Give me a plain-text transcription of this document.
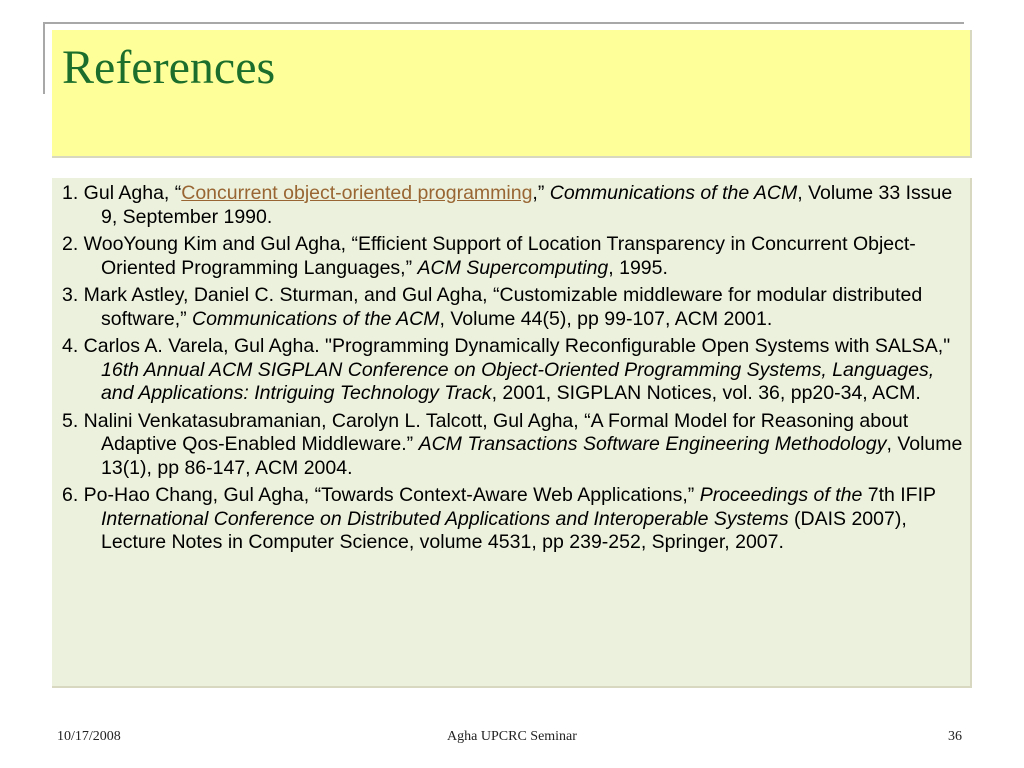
References

1. Gul Agha, “Concurrent object-oriented programming,” Communications of the ACM, Volume 33 Issue 9, September 1990.

2. WooYoung Kim and Gul Agha, “Efficient Support of Location Transparency in Concurrent Object-Oriented Programming Languages,” ACM Supercomputing, 1995.

3. Mark Astley, Daniel C. Sturman, and Gul Agha, “Customizable middleware for modular distributed software,” Communications of the ACM, Volume 44(5), pp 99-107, ACM 2001.

4. Carlos A. Varela, Gul Agha. "Programming Dynamically Reconfigurable Open Systems with SALSA," 16th Annual ACM SIGPLAN Conference on Object-Oriented Programming Systems, Languages, and Applications: Intriguing Technology Track, 2001, SIGPLAN Notices, vol. 36, pp20-34, ACM.

5. Nalini Venkatasubramanian, Carolyn L. Talcott, Gul Agha, “A Formal Model for Reasoning about Adaptive Qos-Enabled Middleware.” ACM Transactions Software Engineering Methodology, Volume 13(1), pp 86-147, ACM 2004.

6. Po-Hao Chang, Gul Agha, “Towards Context-Aware Web Applications,” Proceedings of the 7th IFIP International Conference on Distributed Applications and Interoperable Systems (DAIS 2007), Lecture Notes in Computer Science, volume 4531, pp 239-252, Springer, 2007.

10/17/2008	Agha UPCRC Seminar	36
